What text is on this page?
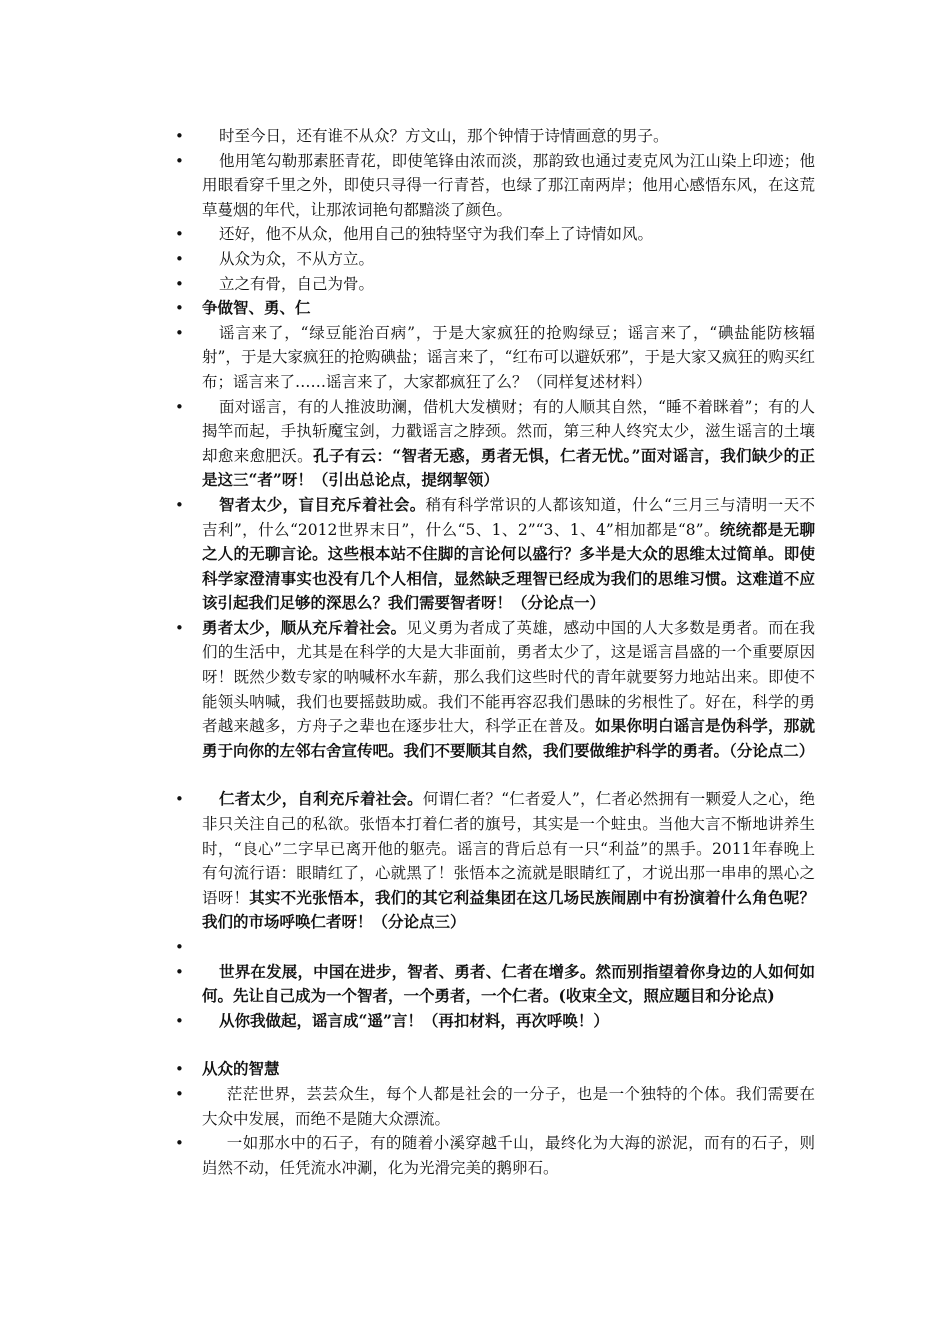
• 时至今日，还有谁不从众？方文山，那个钟情于诗情画意的男子。
• 他用笔勾勒那素胚青花，即使笔锋由浓而淡，那韵致也通过麦克风为江山染上印迹；他用眼看穿千里之外，即使只寻得一行青苔，也绿了那江南两岸；他用心感悟东风，在这荒草蔓烟的年代，让那浓词艳句都黯淡了颜色。
• 还好，他不从众，他用自己的独特坚守为我们奉上了诗情如风。
• 从众为众，不从方立。
• 立之有骨，自己为骨。
• 争做智、勇、仁
• 谣言来了，“绿豆能治百病”，于是大家疯狂的抢购绿豆；谣言来了，“碘盐能防核辐射”，于是大家疯狂的抢购碘盐；谣言来了，“红布可以避妖邪”，于是大家又疯狂的购买红布；谣言来了……谣言来了，大家都疯狂了么？（同样复述材料）
• 面对谣言，有的人推波助澜，借机大发横财；有的人顺其自然，“睡不着眯着”；有的人揭竿而起，手执斩魔宝剑，力戳谣言之脖颈。然而，第三种人终究太少，滋生谣言的土壤却愈来愈肥沃。孔子有云：“智者无惑，勇者无惧，仁者无忧。”面对谣言，我们缺少的正是这三“者”呀！（引出总论点，提纲挈领）
• 智者太少，盲目充斥着社会。稍有科学常识的人都该知道，什么“三月三与清明一天不吉利”，什么“2012世界末日”，什么“5、1、2”“3、1、4”相加都是“8”。统统都是无聊之人的无聊言论。这些根本站不住脚的言论何以盛行？多半是大众的思维太过简单。即使科学家澄清事实也没有几个人相信，显然缺乏理智已经成为我们的思维习惯。这难道不应该引起我们足够的深思么？我们需要智者呀！（分论点一）
• 勇者太少，顺从充斥着社会。见义勇为者成了英雄，感动中国的人大多数是勇者。而在我们的生活中，尤其是在科学的大是大非面前，勇者太少了，这是谣言昌盛的一个重要原因呀！既然少数专家的呐喊杯水车薪，那么我们这些时代的青年就要努力地站出来。即使不能领头呐喊，我们也要摇鼓助威。我们不能再容忍我们愚昧的劣根性了。好在，科学的勇者越来越多，方舟子之辈也在逐步壮大，科学正在普及。如果你明白谣言是伪科学，那就勇于向你的左邻右舍宣传吧。我们不要顺其自然，我们要做维护科学的勇者。（分论点二）
• 仁者太少，自利充斥着社会。何谓仁者？“仁者爱人”，仁者必然拥有一颗爱人之心，绝非只关注自己的私欲。张悟本打着仁者的旗号，其实是一个蛀虫。当他大言不惭地讲养生时，“良心”二字早已离开他的躯壳。谣言的背后总有一只“利益”的黑手。2011年春晚上有句流行语：眼睛红了，心就黑了！张悟本之流就是眼睛红了，才说出那一串串的黑心之语呀！其实不光张悟本，我们的其它利益集团在这几场民族闹剧中有扮演着什么角色呢？我们的市场呼唤仁者呀！（分论点三）
•

• 世界在发展，中国在进步，智者、勇者、仁者在增多。然而别指望着你身边的人如何如何。先让自己成为一个智者，一个勇者，一个仁者。(收束全文，照应题目和分论点)
• 从你我做起，谣言成“遥”言！（再扣材料，再次呼唤！）
• 从众的智慧
•	茫茫世界，芸芸众生，每个人都是社会的一分子，也是一个独特的个体。我们需要在大众中发展，而绝不是随大众漂流。
•	一如那水中的石子，有的随着小溪穿越千山，最终化为大海的淤泥，而有的石子，则岿然不动，任凭流水冲涮，化为光滑完美的鹅卵石。
